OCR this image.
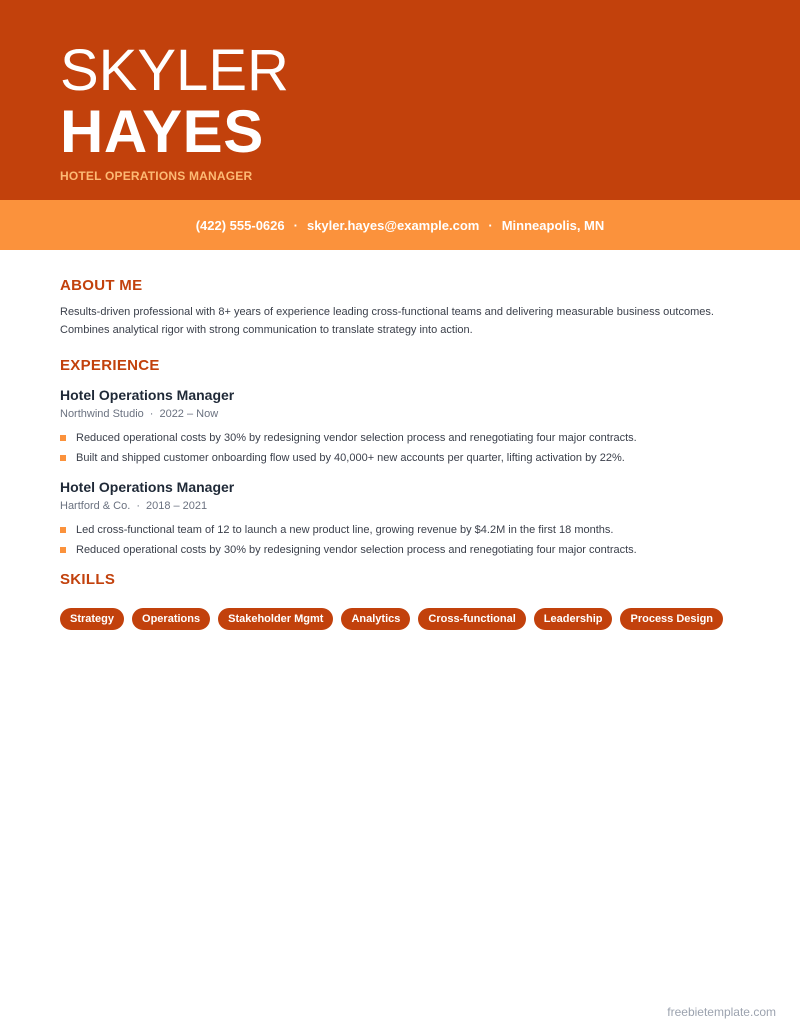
SKYLER
HAYES
HOTEL OPERATIONS MANAGER
(422) 555-0626 · skyler.hayes@example.com · Minneapolis, MN
ABOUT ME
Results-driven professional with 8+ years of experience leading cross-functional teams and delivering measurable business outcomes. Combines analytical rigor with strong communication to translate strategy into action.
EXPERIENCE
Hotel Operations Manager
Northwind Studio · 2022 – Now
Reduced operational costs by 30% by redesigning vendor selection process and renegotiating four major contracts.
Built and shipped customer onboarding flow used by 40,000+ new accounts per quarter, lifting activation by 22%.
Hotel Operations Manager
Hartford & Co. · 2018 – 2021
Led cross-functional team of 12 to launch a new product line, growing revenue by $4.2M in the first 18 months.
Reduced operational costs by 30% by redesigning vendor selection process and renegotiating four major contracts.
SKILLS
Strategy	Operations	Stakeholder Mgmt	Analytics	Cross-functional	Leadership	Process Design
freebietemplate.com
